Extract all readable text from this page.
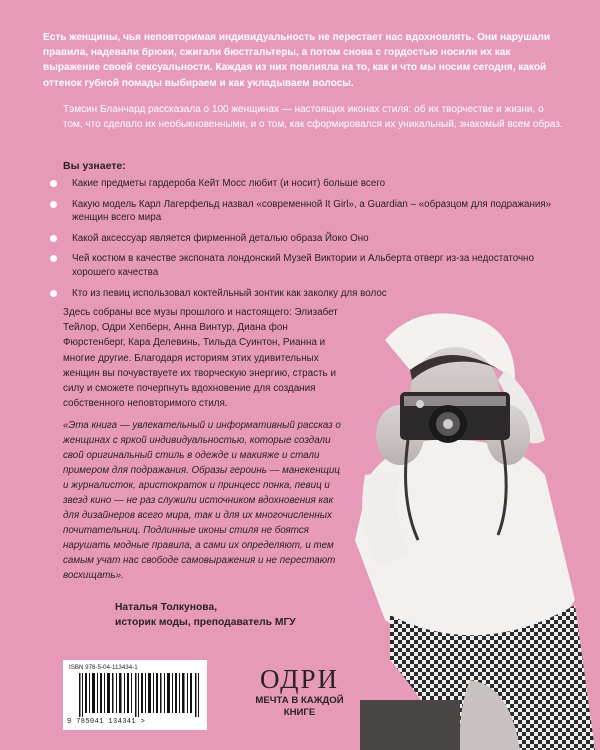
Есть женщины, чья неповторимая индивидуальность не перестает нас вдохновлять. Они нарушали правила, надевали брюки, сжигали бюстгальтеры, а потом снова с гордостью носили их как выражение своей сексуальности. Каждая из них повлияла на то, как и что мы носим сегодня, какой оттенок губной помады выбираем и как укладываем волосы.

Тэмсин Бланчард рассказала о 100 женщинах — настоящих иконах стиля: об их творчестве и жизни, о том, что сделало их необыкновенными, и о том, как сформировался их уникальный, знакомый всем образ.

Вы узнаете:
Какие предметы гардероба Кейт Мосс любит (и носит) больше всего
Какую модель Карл Лагерфельд назвал «современной It Girl», а Guardian – «образцом для подражания» женщин всего мира
Какой аксессуар является фирменной деталью образа Йоко Оно
Чей костюм в качестве экспоната лондонский Музей Виктории и Альберта отверг из-за недостаточно хорошего качества
Кто из певиц использовал коктейльный зонтик как заколку для волос

Здесь собраны все музы прошлого и настоящего: Элизабет Тейлор, Одри Хепберн, Анна Винтур, Диана фон Фюрстенберг, Кара Делевинь, Тильда Суинтон, Рианна и многие другие. Благодаря историям этих удивительных женщин вы почувствуете их творческую энергию, страсть и силу и сможете почерпнуть вдохновение для создания собственного неповторимого стиля.

«Эта книга — увлекательный и информативный рассказ о женщинах с яркой индивидуальностью, которые создали свой оригинальный стиль в одежде и макияже и стали примером для подражания. Образы героинь — манекенщиц и журналисток, аристократок и принцесс понка, певиц и звезд кино — не раз служили источником вдохновения как для дизайнеров всего мира, так и для их многочисленных почитательниц. Подлинные иконы стиля не боятся нарушать модные правила, а сами их определяют, и тем самым учат нас свободе самовыражения и не перестают восхищать».

Наталья Толкунова,
историк моды, преподаватель МГУ
ISBN 978-5-04-113434-1
9 785041 134341 >
ОДРИ
МЕЧТА В КАЖДОЙ
КНИГЕ
